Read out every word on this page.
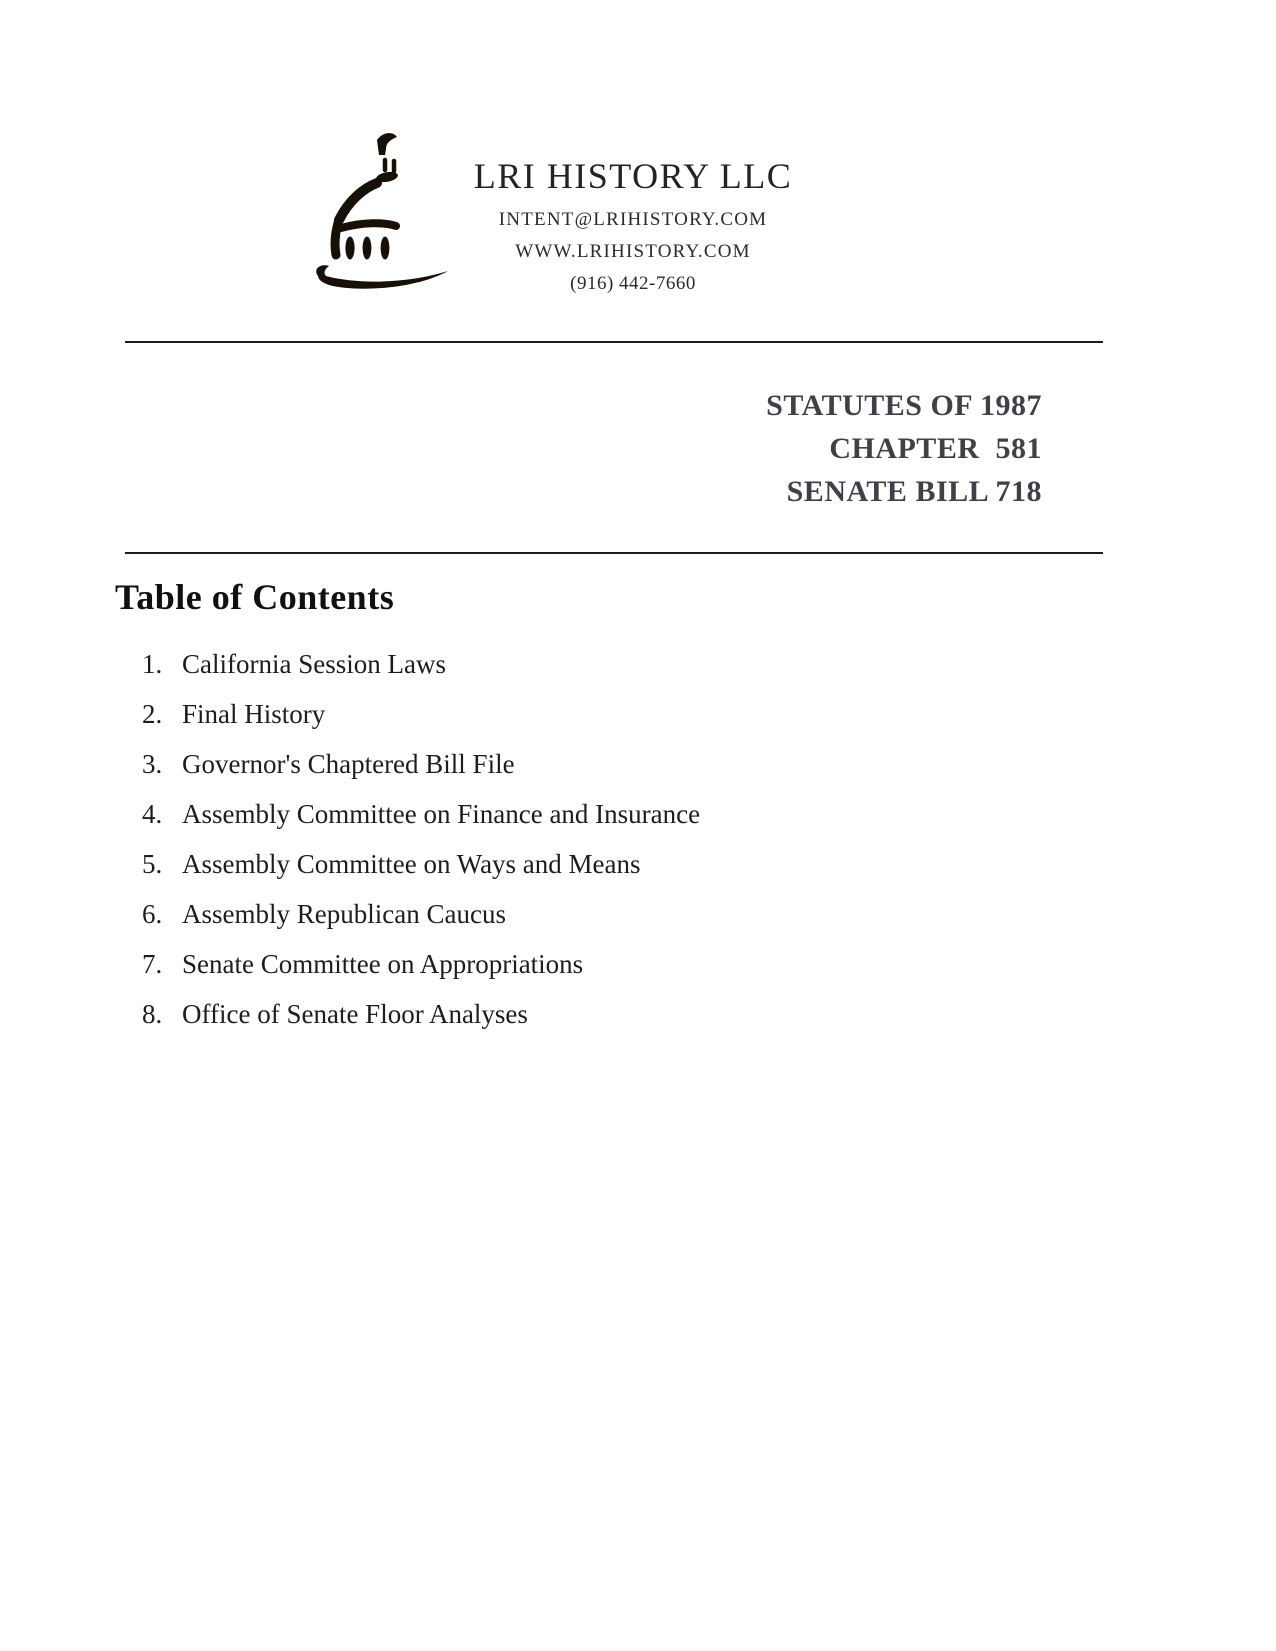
LRI HISTORY LLC
INTENT@LRIHISTORY.COM
WWW.LRIHISTORY.COM
(916) 442-7660
STATUTES OF 1987
CHAPTER  581
SENATE BILL 718
Table of Contents
1. California Session Laws
2. Final History
3. Governor's Chaptered Bill File
4. Assembly Committee on Finance and Insurance
5. Assembly Committee on Ways and Means
6. Assembly Republican Caucus
7. Senate Committee on Appropriations
8. Office of Senate Floor Analyses
